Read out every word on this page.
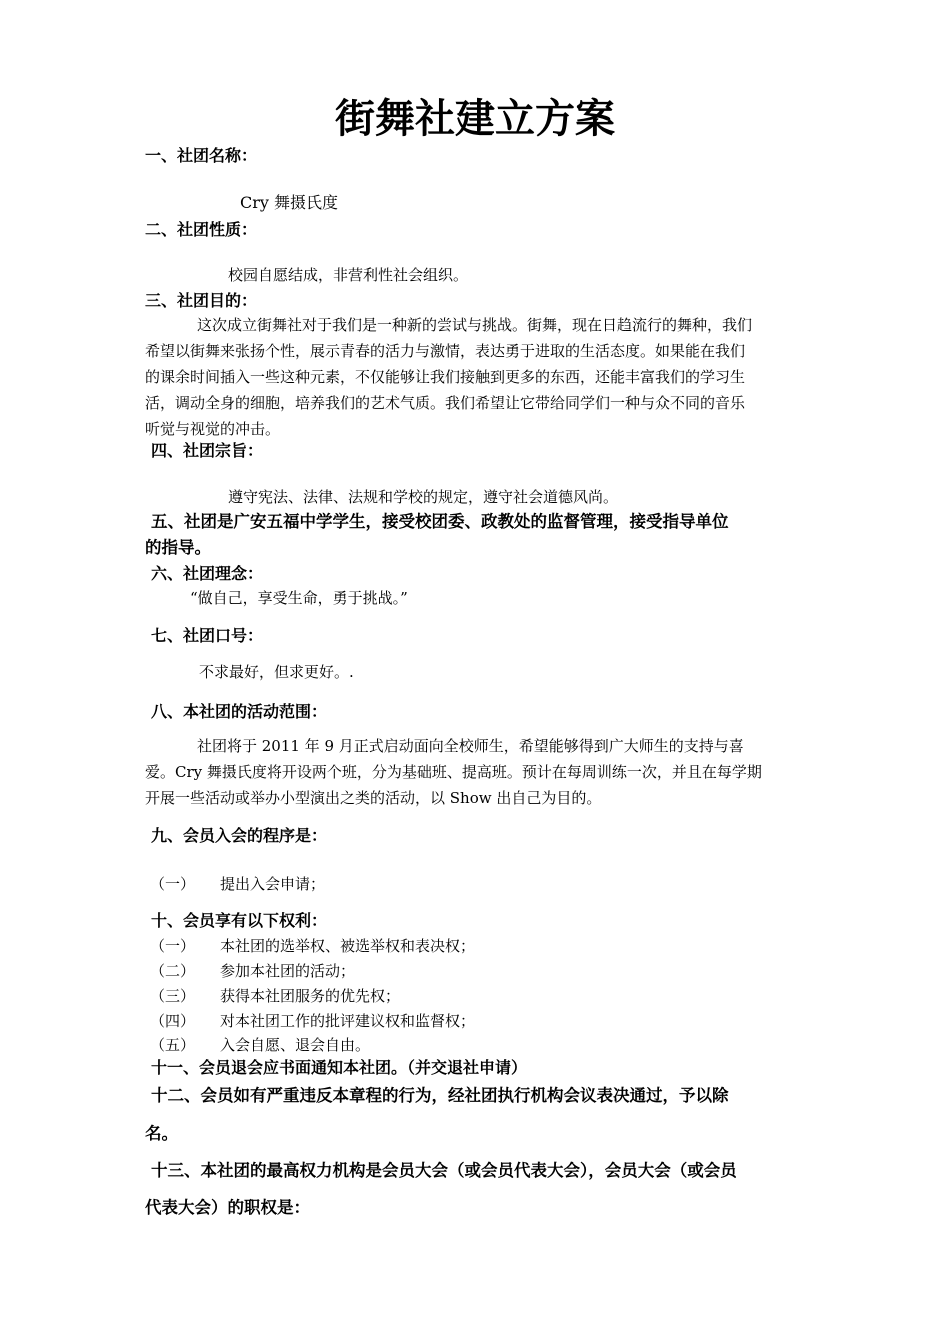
街舞社建立方案
一、社团名称：
Cry 舞摄氏度
二、社团性质：
校园自愿结成，非营利性社会组织。
三、社团目的：

这次成立街舞社对于我们是一种新的尝试与挑战。街舞，现在日趋流行的舞种，我们

希望以街舞来张扬个性，展示青春的活力与激情，表达勇于进取的生活态度。如果能在我们

的课余时间插入一些这种元素，不仅能够让我们接触到更多的东西，还能丰富我们的学习生

活，调动全身的细胞，培养我们的艺术气质。我们希望让它带给同学们一种与众不同的音乐

听觉与视觉的冲击。

四、社团宗旨：
遵守宪法、法律、法规和学校的规定，遵守社会道德风尚。
五、社团是广安五福中学学生，接受校团委、政教处的监督管理，接受指导单位
的指导。
六、社团理念：
“做自己，享受生命，勇于挑战。”
七、社团口号：
不求最好，但求更好。.
八、本社团的活动范围：

社团将于 2011 年 9 月正式启动面向全校师生，希望能够得到广大师生的支持与喜

爱。Cry 舞摄氏度将开设两个班，分为基础班、提高班。预计在每周训练一次，并且在每学期

开展一些活动或举办小型演出之类的活动，以 Show 出自己为目的。

九、会员入会的程序是：
（一） 提出入会申请；
十、会员享有以下权利：
（一） 本社团的选举权、被选举权和表决权；
（二） 参加本社团的活动；
（三） 获得本社团服务的优先权；
（四） 对本社团工作的批评建议权和监督权；
（五） 入会自愿、退会自由。
十一、会员退会应书面通知本社团。（并交退社申请）
十二、会员如有严重违反本章程的行为，经社团执行机构会议表决通过，予以除
名。
十三、本社团的最高权力机构是会员大会（或会员代表大会），会员大会（或会员
代表大会）的职权是：
